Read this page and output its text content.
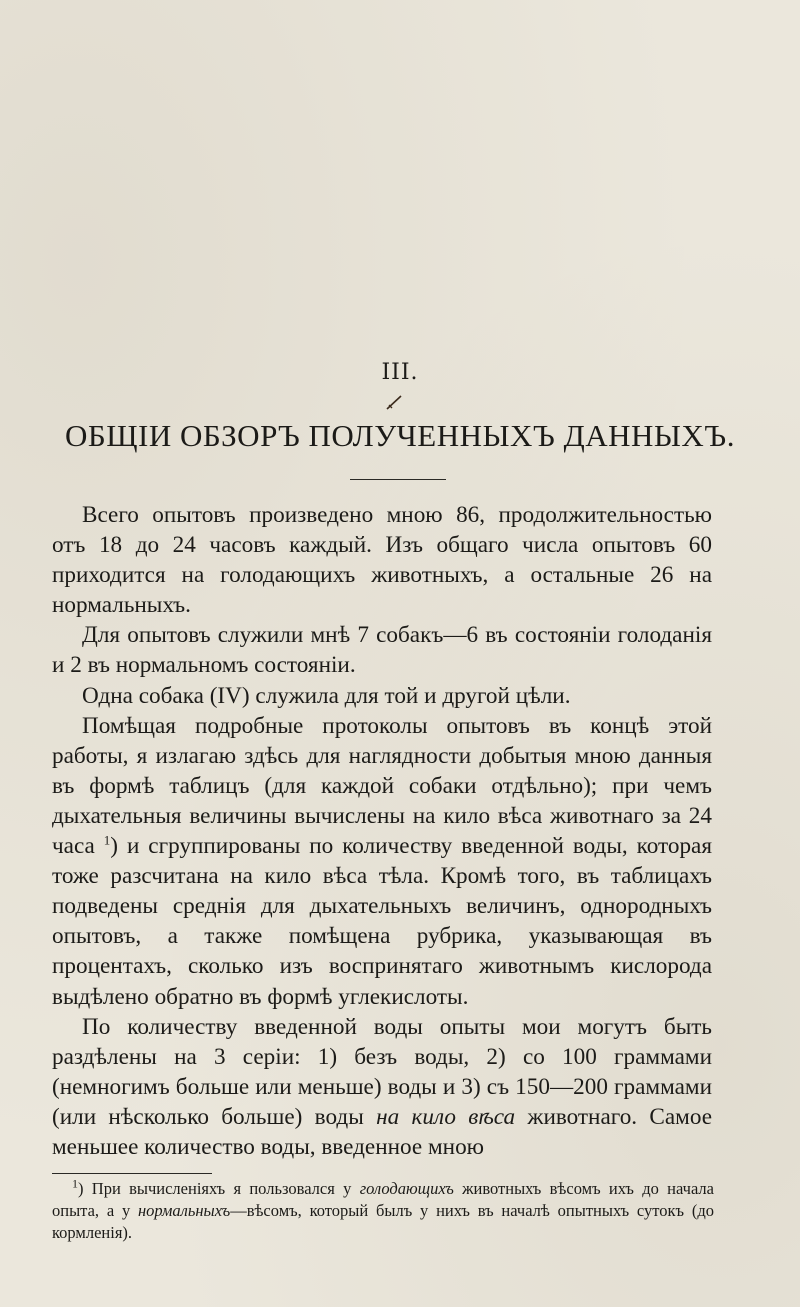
III.
ОБЩІИ ОБЗОРЪ ПОЛУЧЕННЫХЪ ДАННЫХЪ.

Всего опытовъ произведено мною 86, продолжительностью отъ 18 до 24 часовъ каждый. Изъ общаго числа опытовъ 60 приходится на голодающихъ животныхъ, а остальные 26 на нормальныхъ.

Для опытовъ служили мнѣ 7 собакъ—6 въ состояніи голоданія и 2 въ нормальномъ состояніи.

Одна собака (IV) служила для той и другой цѣли.

Помѣщая подробные протоколы опытовъ въ концѣ этой работы, я излагаю здѣсь для наглядности добытыя мною данныя въ формѣ таблицъ (для каждой собаки отдѣльно); при чемъ дыхательныя величины вычислены на кило вѣса животнаго за 24 часа $^1$) и сгруппированы по количеству введенной воды, которая тоже разсчитана на кило вѣса тѣла. Кромѣ того, въ таблицахъ подведены среднія для дыхательныхъ величинъ, однородныхъ опытовъ, а также помѣщена рубрика, указывающая въ процентахъ, сколько изъ воспринятаго животнымъ кислорода выдѣлено обратно въ формѣ углекислоты.

По количеству введенной воды опыты мои могутъ быть раздѣлены на 3 серіи: 1) безъ воды, 2) со 100 граммами (немногимъ больше или меньше) воды и 3) съ 150—200 граммами (или нѣсколько больше) воды на кило вѣса животнаго. Самое меньшее количество воды, введенное мною

$^1$) При вычисленіяхъ я пользовался у голодающихъ животныхъ вѣсомъ ихъ до начала опыта, а у нормальныхъ—вѣсомъ, который былъ у нихъ въ началѣ опытныхъ сутокъ (до кормленія).
